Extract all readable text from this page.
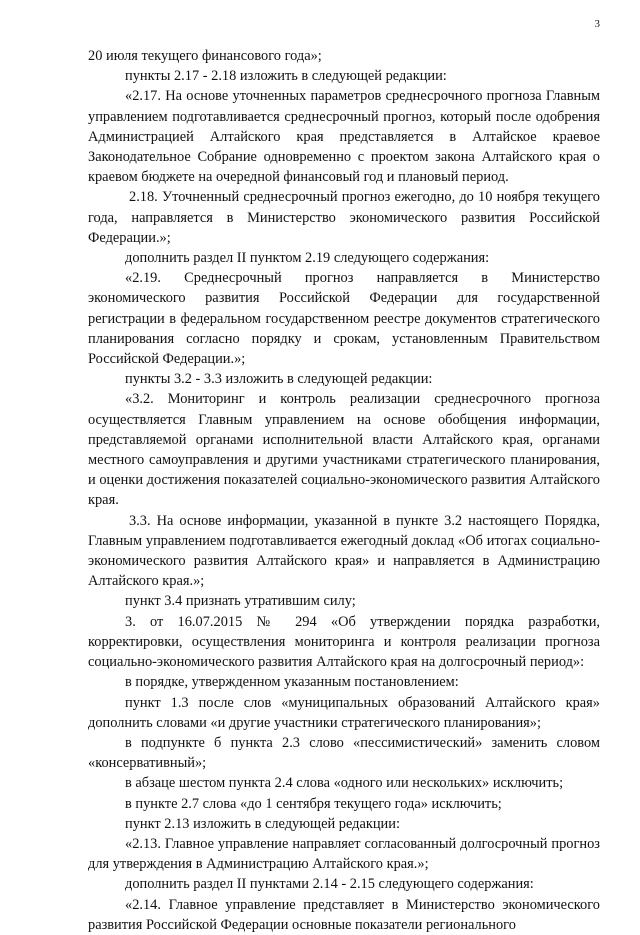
3

20 июля текущего финансового года»;

пункты 2.17 - 2.18 изложить в следующей редакции:

«2.17. На основе уточненных параметров среднесрочного прогноза Главным управлением подготавливается среднесрочный прогноз, который после одобрения Администрацией Алтайского края представляется в Алтайское краевое Законодательное Собрание одновременно с проектом закона Алтайского края о краевом бюджете на очередной финансовый год и плановый период.

2.18. Уточненный среднесрочный прогноз ежегодно, до 10 ноября текущего года, направляется в Министерство экономического развития Российской Федерации.»;

дополнить раздел II пунктом 2.19 следующего содержания:

«2.19. Среднесрочный прогноз направляется в Министерство экономического развития Российской Федерации для государственной регистрации в федеральном государственном реестре документов стратегического планирования согласно порядку и срокам, установленным Правительством Российской Федерации.»;

пункты 3.2 - 3.3 изложить в следующей редакции:

«3.2. Мониторинг и контроль реализации среднесрочного прогноза осуществляется Главным управлением на основе обобщения информации, представляемой органами исполнительной власти Алтайского края, органами местного самоуправления и другими участниками стратегического планирования, и оценки достижения показателей социально-экономического развития Алтайского края.

3.3. На основе информации, указанной в пункте 3.2 настоящего Порядка, Главным управлением подготавливается ежегодный доклад «Об итогах социально-экономического развития Алтайского края» и направляется в Администрацию Алтайского края.»;

пункт 3.4 признать утратившим силу;

3. от 16.07.2015 № 294 «Об утверждении порядка разработки, корректировки, осуществления мониторинга и контроля реализации прогноза социально-экономического развития Алтайского края на долгосрочный период»:

в порядке, утвержденном указанным постановлением:

пункт 1.3 после слов «муниципальных образований Алтайского края» дополнить словами «и другие участники стратегического планирования»;

в подпункте б пункта 2.3 слово «пессимистический» заменить словом «консервативный»;

в абзаце шестом пункта 2.4 слова «одного или нескольких» исключить;

в пункте 2.7 слова «до 1 сентября текущего года» исключить;

пункт 2.13 изложить в следующей редакции:

«2.13. Главное управление направляет согласованный долгосрочный прогноз для утверждения в Администрацию Алтайского края.»;

дополнить раздел II пунктами 2.14 - 2.15 следующего содержания:

«2.14. Главное управление представляет в Министерство экономического развития Российской Федерации основные показатели регионального
